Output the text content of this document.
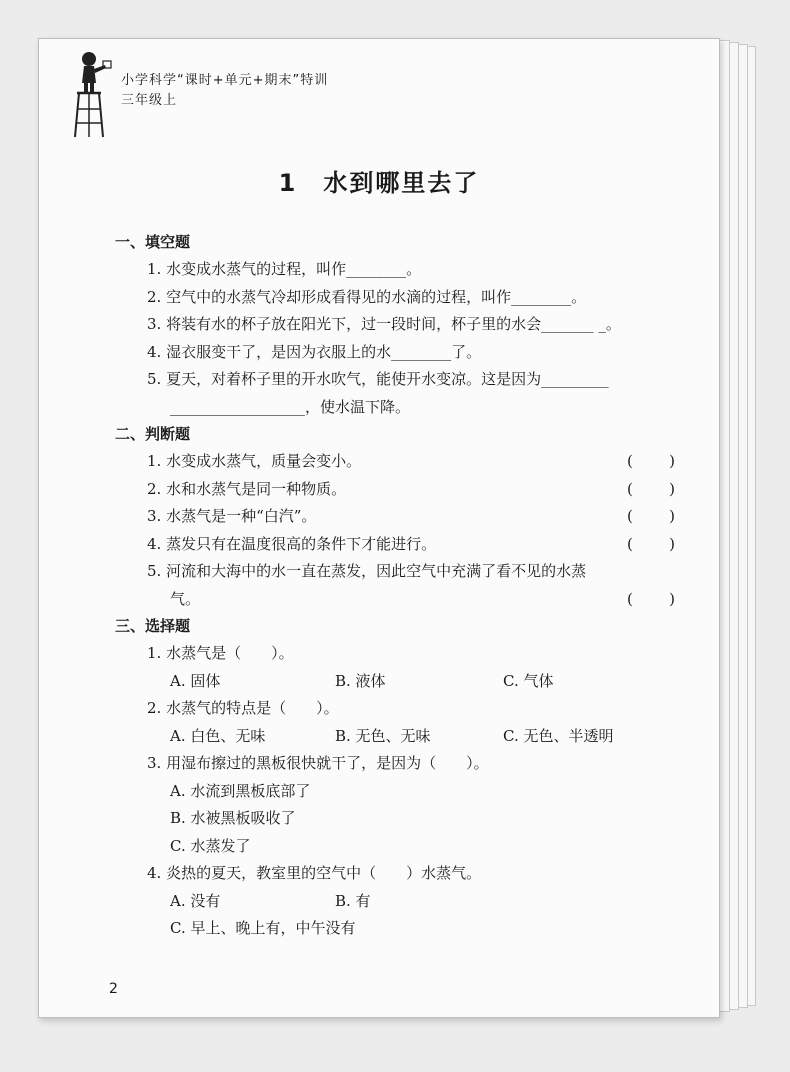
小学科学“课时+单元+期末”特训
三年级上
1 水到哪里去了
一、填空题
1. 水变成水蒸气的过程，叫作________。
2. 空气中的水蒸气冷却形成看得见的水滴的过程，叫作________。
3. 将装有水的杯子放在阳光下，过一段时间，杯子里的水会_______ _。
4. 湿衣服变干了，是因为衣服上的水________了。
5. 夏天，对着杯子里的开水吹气，能使开水变凉。这是因为_________
__________________，使水温下降。
二、判断题
1. 水变成水蒸气，质量会变小。	( )
2. 水和水蒸气是同一种物质。	( )
3. 水蒸气是一种“白汽”。	( )
4. 蒸发只有在温度很高的条件下才能进行。	( )
5. 河流和大海中的水一直在蒸发，因此空气中充满了看不见的水蒸
气。	( )
三、选择题
1. 水蒸气是（　　）。
A. 固体	B. 液体	C. 气体
2. 水蒸气的特点是（　　）。
A. 白色、无味	B. 无色、无味	C. 无色、半透明
3. 用湿布擦过的黑板很快就干了，是因为（　　）。
A. 水流到黑板底部了
B. 水被黑板吸收了
C. 水蒸发了
4. 炎热的夏天，教室里的空气中（　　）水蒸气。
A. 没有	B. 有
C. 早上、晚上有，中午没有
2
